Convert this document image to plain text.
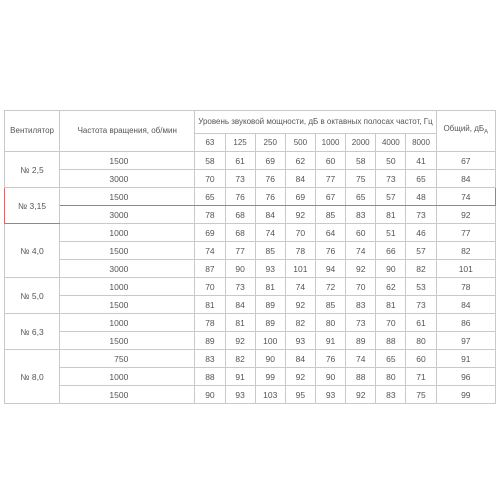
Вентилятор	Частота вращения, об/мин	Уровень звуковой мощности, дБ в октавных полосах частот, Гц								Общий, $дБ_A$
		63	125	250	500	1000	2000	4000	8000	
№ 2,5	1500	58	61	69	62	60	58	50	41	67
	3000	70	73	76	84	77	75	73	65	84
№ 3,15	1500	65	76	76	69	67	65	57	48	74
	3000	78	68	84	92	85	83	81	73	92
№ 4,0	1000	69	68	74	70	64	60	51	46	77
	1500	74	77	85	78	76	74	66	57	82
	3000	87	90	93	101	94	92	90	82	101
№ 5,0	1000	70	73	81	74	72	70	62	53	78
	1500	81	84	89	92	85	83	81	73	84
№ 6,3	1000	78	81	89	82	80	73	70	61	86
	1500	89	92	100	93	91	89	88	80	97
№ 8,0	750	83	82	90	84	76	74	65	60	91
	1000	88	91	99	92	90	88	80	71	96
	1500	90	93	103	95	93	92	83	75	99
